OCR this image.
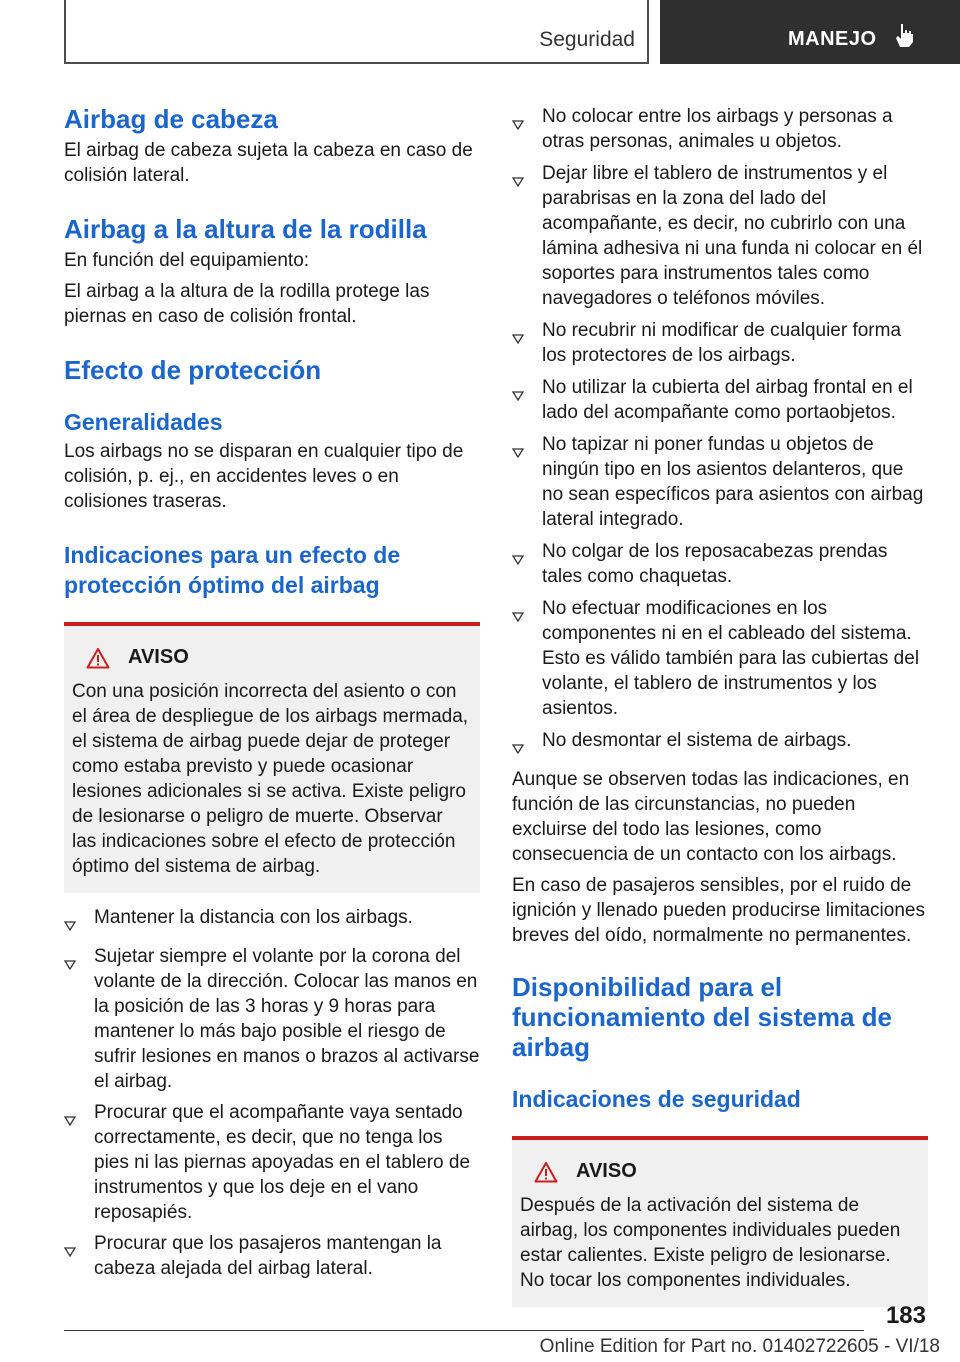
Seguridad	MANEJO
Airbag de cabeza

El airbag de cabeza sujeta la cabeza en caso de colisión lateral.

Airbag a la altura de la rodilla

En función del equipamiento:

El airbag a la altura de la rodilla protege las piernas en caso de colisión frontal.

Efecto de protección
Generalidades

Los airbags no se disparan en cualquier tipo de colisión, p. ej., en accidentes leves o en colisiones traseras.

Indicaciones para un efecto de protección óptimo del airbag
AVISO

Con una posición incorrecta del asiento o con el área de despliegue de los airbags mermada, el sistema de airbag puede dejar de proteger como estaba previsto y puede ocasionar lesiones adicionales si se activa. Existe peligro de lesionarse o peligro de muerte. Observar las indicaciones sobre el efecto de protección óptimo del sistema de airbag.

Mantener la distancia con los airbags.
Sujetar siempre el volante por la corona del volante de la dirección. Colocar las manos en la posición de las 3 horas y 9 horas para mantener lo más bajo posible el riesgo de sufrir lesiones en manos o brazos al activarse el airbag.
Procurar que el acompañante vaya sentado correctamente, es decir, que no tenga los pies ni las piernas apoyadas en el tablero de instrumentos y que los deje en el vano reposapiés.
Procurar que los pasajeros mantengan la cabeza alejada del airbag lateral.
No colocar entre los airbags y personas a otras personas, animales u objetos.
Dejar libre el tablero de instrumentos y el parabrisas en la zona del lado del acompañante, es decir, no cubrirlo con una lámina adhesiva ni una funda ni colocar en él soportes para instrumentos tales como navegadores o teléfonos móviles.
No recubrir ni modificar de cualquier forma los protectores de los airbags.
No utilizar la cubierta del airbag frontal en el lado del acompañante como portaobjetos.
No tapizar ni poner fundas u objetos de ningún tipo en los asientos delanteros, que no sean específicos para asientos con airbag lateral integrado.
No colgar de los reposacabezas prendas tales como chaquetas.
No efectuar modificaciones en los componentes ni en el cableado del sistema. Esto es válido también para las cubiertas del volante, el tablero de instrumentos y los asientos.
No desmontar el sistema de airbags.

Aunque se observen todas las indicaciones, en función de las circunstancias, no pueden excluirse del todo las lesiones, como consecuencia de un contacto con los airbags.

En caso de pasajeros sensibles, por el ruido de ignición y llenado pueden producirse limitaciones breves del oído, normalmente no permanentes.

Disponibilidad para el funcionamiento del sistema de airbag
Indicaciones de seguridad
AVISO

Después de la activación del sistema de airbag, los componentes individuales pueden estar calientes. Existe peligro de lesionarse. No tocar los componentes individuales.

183
Online Edition for Part no. 01402722605 - VI/18
